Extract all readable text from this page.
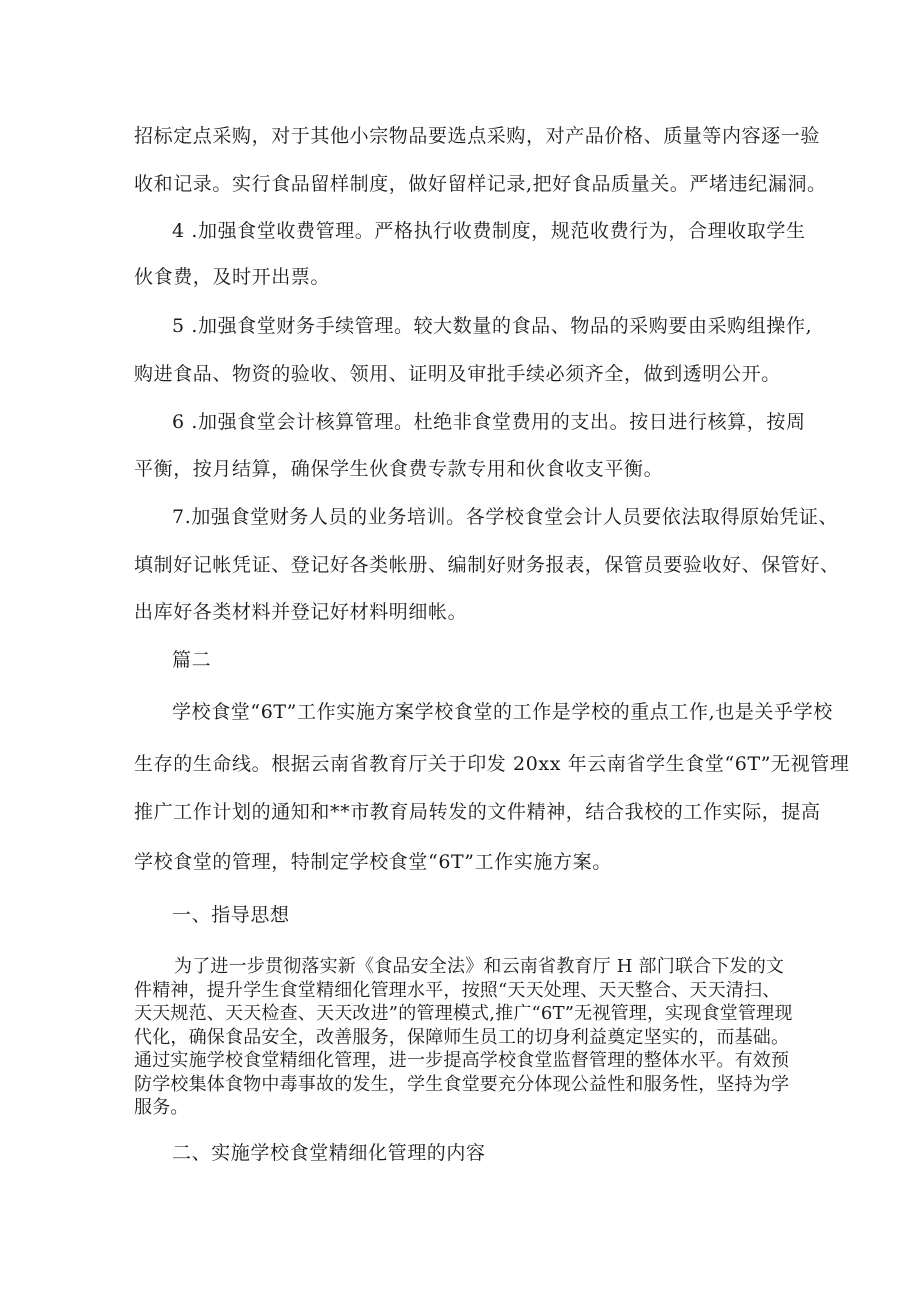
招标定点采购，对于其他小宗物品要选点采购，对产品价格、质量等内容逐一验
收和记录。实行食品留样制度，做好留样记录,把好食品质量关。严堵违纪漏洞。
4 .加强食堂收费管理。严格执行收费制度，规范收费行为，合理收取学生
伙食费，及时开出票。
5 .加强食堂财务手续管理。较大数量的食品、物品的采购要由采购组操作,
购进食品、物资的验收、领用、证明及审批手续必须齐全，做到透明公开。
6 .加强食堂会计核算管理。杜绝非食堂费用的支出。按日进行核算，按周
平衡，按月结算，确保学生伙食费专款专用和伙食收支平衡。
7.加强食堂财务人员的业务培训。各学校食堂会计人员要依法取得原始凭证、
填制好记帐凭证、登记好各类帐册、编制好财务报表，保管员要验收好、保管好、
出库好各类材料并登记好材料明细帐。
篇二
学校食堂“6T”工作实施方案学校食堂的工作是学校的重点工作,也是关乎学校
生存的生命线。根据云南省教育厅关于印发 20xx 年云南省学生食堂“6T”无视管理
推广工作计划的通知和**市教育局转发的文件精神，结合我校的工作实际，提高
学校食堂的管理，特制定学校食堂“6T”工作实施方案。
一、指导思想

为了进一步贯彻落实新《食品安全法》和云南省教育厅 H 部门联合下发的文件精神，提升学生食堂精细化管理水平，按照“天天处理、天天整合、天天清扫、天天规范、天天检查、天天改进”的管理模式,推广“6T”无视管理，实现食堂管理现代化，确保食品安全，改善服务，保障师生员工的切身利益奠定坚实的，而基础。通过实施学校食堂精细化管理，进一步提高学校食堂监督管理的整体水平。有效预防学校集体食物中毒事故的发生，学生食堂要充分体现公益性和服务性，坚持为学服务。

二、实施学校食堂精细化管理的内容
